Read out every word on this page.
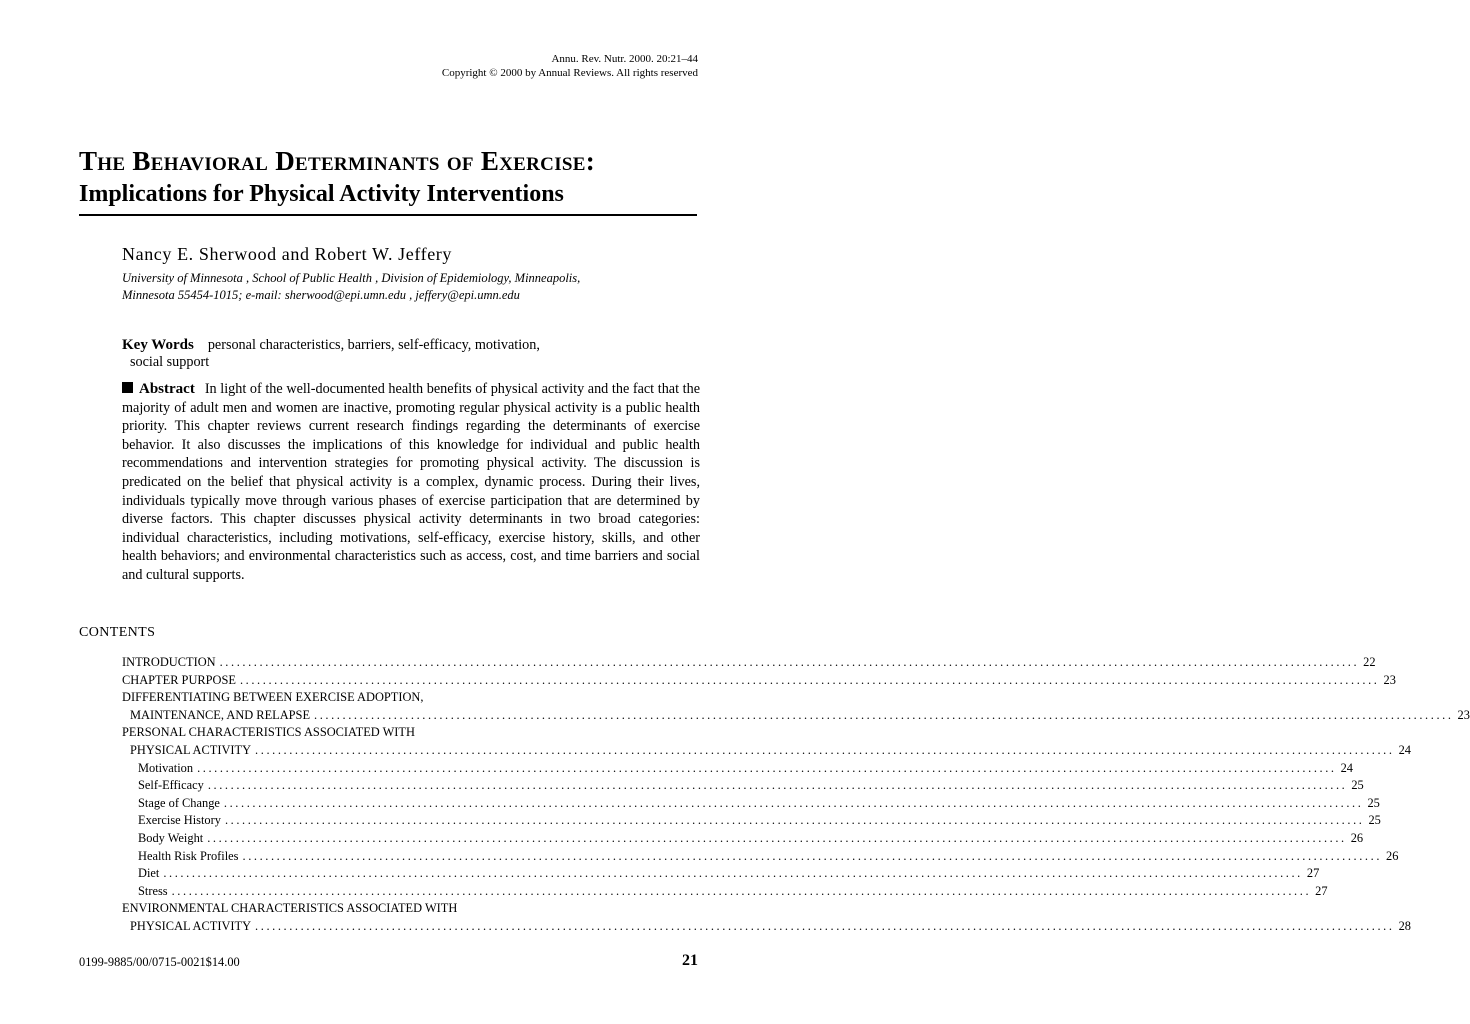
Annu. Rev. Nutr. 2000. 20:21–44
Copyright © 2000 by Annual Reviews. All rights reserved
The Behavioral Determinants of Exercise:
Implications for Physical Activity Interventions
Nancy E. Sherwood and Robert W. Jeffery
University of Minnesota , School of Public Health , Division of Epidemiology, Minneapolis,
Minnesota 55454-1015; e-mail: sherwood@epi.umn.edu , jeffery@epi.umn.edu
Key Words personal characteristics, barriers, self-efficacy, motivation,
social support
Abstract In light of the well-documented health benefits of physical activity and the fact that the majority of adult men and women are inactive, promoting regular physical activity is a public health priority. This chapter reviews current research findings regarding the determinants of exercise behavior. It also discusses the implications of this knowledge for individual and public health recommendations and intervention strategies for promoting physical activity. The discussion is predicated on the belief that physical activity is a complex, dynamic process. During their lives, individuals typically move through various phases of exercise participation that are determined by diverse factors. This chapter discusses physical activity determinants in two broad categories: individual characteristics, including motivations, self-efficacy, exercise history, skills, and other health behaviors; and environmental characteristics such as access, cost, and time barriers and social and cultural supports.
CONTENTS
INTRODUCTION ........................................................................................................................................................................................................ 22
CHAPTER PURPOSE ........................................................................................................................................................................................................ 23
DIFFERENTIATING BETWEEN EXERCISE ADOPTION,
MAINTENANCE, AND RELAPSE ........................................................................................................................................................................................................ 23
PERSONAL CHARACTERISTICS ASSOCIATED WITH
PHYSICAL ACTIVITY ........................................................................................................................................................................................................ 24
Motivation ........................................................................................................................................................................................................ 24
Self-Efficacy ........................................................................................................................................................................................................ 25
Stage of Change ........................................................................................................................................................................................................ 25
Exercise History ........................................................................................................................................................................................................ 25
Body Weight ........................................................................................................................................................................................................ 26
Health Risk Profiles ........................................................................................................................................................................................................ 26
Diet ........................................................................................................................................................................................................ 27
Stress ........................................................................................................................................................................................................ 27
ENVIRONMENTAL CHARACTERISTICS ASSOCIATED WITH
PHYSICAL ACTIVITY ........................................................................................................................................................................................................ 28
0199-9885/00/0715-0021$14.00	21
